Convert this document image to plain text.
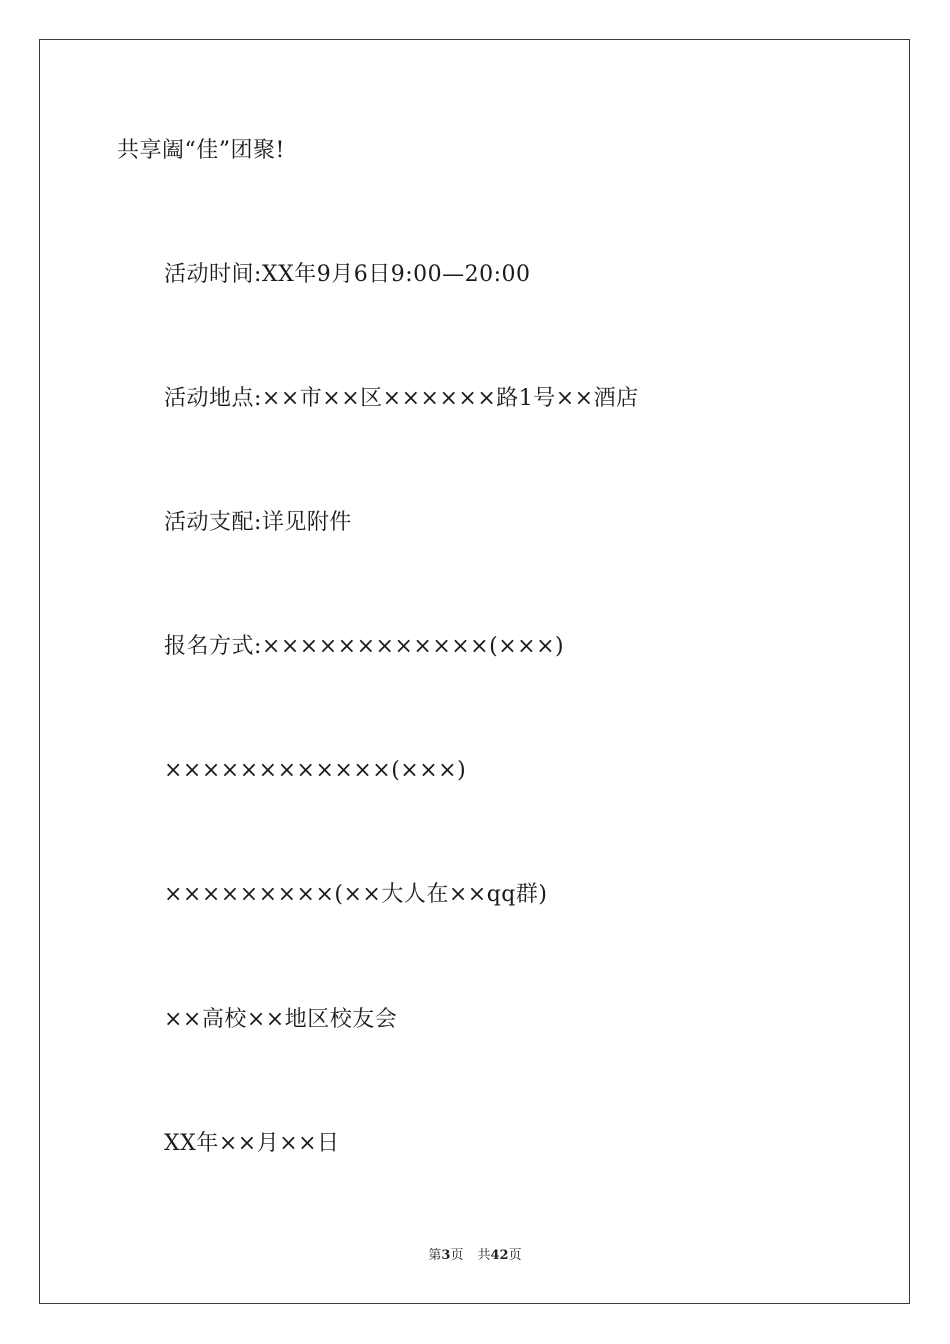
共享阖“佳”团聚!
活动时间:XX年9月6日9:00—20:00
活动地点:××市××区××××××路1号××酒店
活动支配:详见附件
报名方式:××××××××××××(×××)
××××××××××××(×××)
×××××××××(××大人在××qq群)
××高校××地区校友会
XX年××月××日
第3页 共42页
